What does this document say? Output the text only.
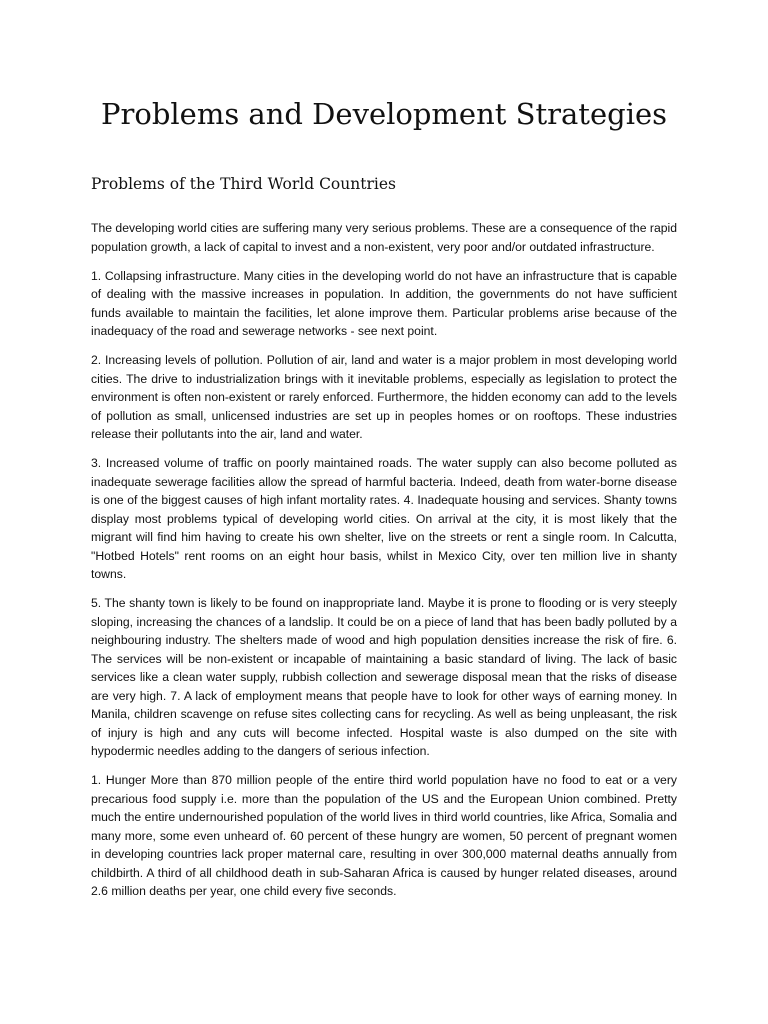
Problems and Development Strategies
Problems of the Third World Countries

The developing world cities are suffering many very serious problems. These are a consequence of the rapid population growth, a lack of capital to invest and a non-existent, very poor and/or outdated infrastructure.

1. Collapsing infrastructure. Many cities in the developing world do not have an infrastructure that is capable of dealing with the massive increases in population. In addition, the governments do not have sufficient funds available to maintain the facilities, let alone improve them. Particular problems arise because of the inadequacy of the road and sewerage networks - see next point.

2. Increasing levels of pollution. Pollution of air, land and water is a major problem in most developing world cities. The drive to industrialization brings with it inevitable problems, especially as legislation to protect the environment is often non-existent or rarely enforced. Furthermore, the hidden economy can add to the levels of pollution as small, unlicensed industries are set up in peoples homes or on rooftops. These industries release their pollutants into the air, land and water.

3. Increased volume of traffic on poorly maintained roads. The water supply can also become polluted as inadequate sewerage facilities allow the spread of harmful bacteria. Indeed, death from water-borne disease is one of the biggest causes of high infant mortality rates. 4. Inadequate housing and services. Shanty towns display most problems typical of developing world cities. On arrival at the city, it is most likely that the migrant will find him having to create his own shelter, live on the streets or rent a single room. In Calcutta, "Hotbed Hotels" rent rooms on an eight hour basis, whilst in Mexico City, over ten million live in shanty towns.

5. The shanty town is likely to be found on inappropriate land. Maybe it is prone to flooding or is very steeply sloping, increasing the chances of a landslip. It could be on a piece of land that has been badly polluted by a neighbouring industry. The shelters made of wood and high population densities increase the risk of fire. 6. The services will be non-existent or incapable of maintaining a basic standard of living. The lack of basic services like a clean water supply, rubbish collection and sewerage disposal mean that the risks of disease are very high. 7. A lack of employment means that people have to look for other ways of earning money. In Manila, children scavenge on refuse sites collecting cans for recycling. As well as being unpleasant, the risk of injury is high and any cuts will become infected. Hospital waste is also dumped on the site with hypodermic needles adding to the dangers of serious infection.

1. Hunger More than 870 million people of the entire third world population have no food to eat or a very precarious food supply i.e. more than the population of the US and the European Union combined. Pretty much the entire undernourished population of the world lives in third world countries, like Africa, Somalia and many more, some even unheard of. 60 percent of these hungry are women, 50 percent of pregnant women in developing countries lack proper maternal care, resulting in over 300,000 maternal deaths annually from childbirth. A third of all childhood death in sub-Saharan Africa is caused by hunger related diseases, around 2.6 million deaths per year, one child every five seconds.
